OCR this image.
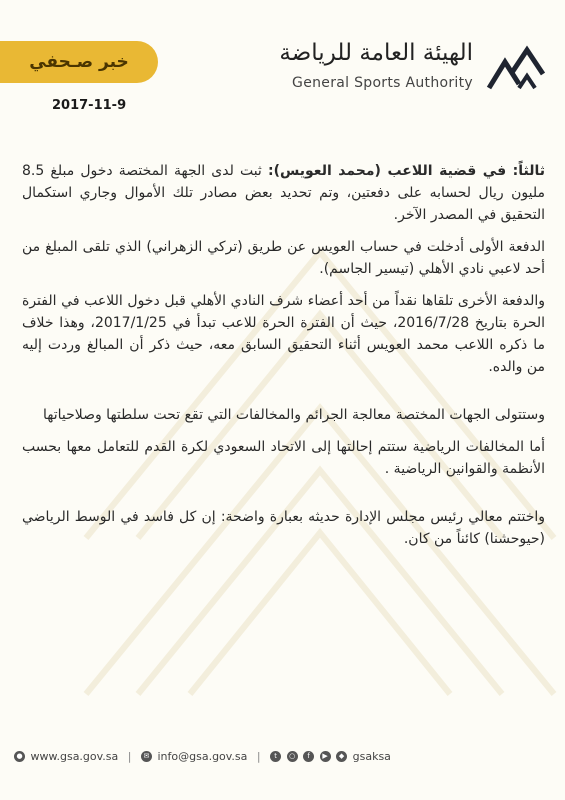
الهيئة العامة للرياضة
General Sports Authority
خبر صـحفي
2017-11-9

ثالثاً: في قضية اللاعب (محمد العويس): ثبت لدى الجهة المختصة دخول مبلغ 8.5 مليون ريال لحسابه على دفعتين، وتم تحديد بعض مصادر تلك الأموال وجاري استكمال التحقيق في المصدر الآخر.

الدفعة الأولى أدخلت في حساب العويس عن طريق (تركي الزهراني) الذي تلقى المبلغ من أحد لاعبي نادي الأهلي (تيسير الجاسم).

والدفعة الأخرى تلقاها نقداً من أحد أعضاء شرف النادي الأهلي قبل دخول اللاعب في الفترة الحرة بتاريخ 2016/7/28، حيث أن الفترة الحرة للاعب تبدأ في 2017/1/25، وهذا خلاف ما ذكره اللاعب محمد العويس أثناء التحقيق السابق معه، حيث ذكر أن المبالغ وردت إليه من والده.

وستتولى الجهات المختصة معالجة الجرائم والمخالفات التي تقع تحت سلطتها وصلاحياتها

أما المخالفات الرياضية ستتم إحالتها إلى الاتحاد السعودي لكرة القدم للتعامل معها بحسب الأنظمة والقوانين الرياضية .

واختتم معالي رئيس مجلس الإدارة حديثه بعبارة واضحة: إن كل فاسد في الوسط الرياضي (حيوحشنا) كائناً من كان.

● www.gsa.gov.sa | ✉ info@gsa.gov.sa | t ○ f ▶ ◆ gsaksa
